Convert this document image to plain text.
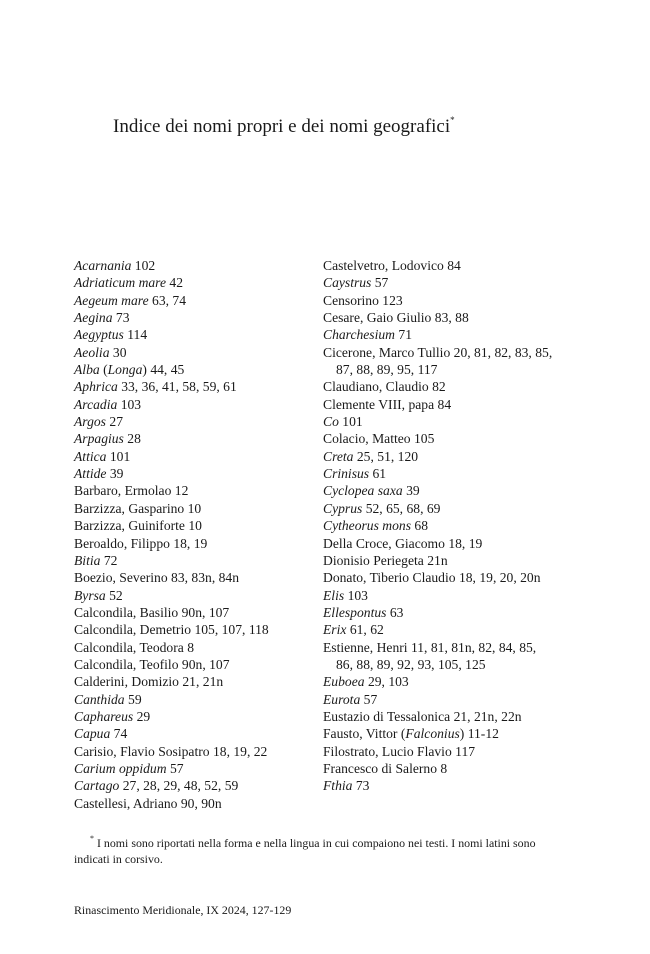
Indice dei nomi propri e dei nomi geografici*
Acarnania 102
Adriaticum mare 42
Aegeum mare 63, 74
Aegina 73
Aegyptus 114
Aeolia 30
Alba (Longa) 44, 45
Aphrica 33, 36, 41, 58, 59, 61
Arcadia 103
Argos 27
Arpagius 28
Attica 101
Attide 39
Barbaro, Ermolao 12
Barzizza, Gasparino 10
Barzizza, Guiniforte 10
Beroaldo, Filippo 18, 19
Bitia 72
Boezio, Severino 83, 83n, 84n
Byrsa 52
Calcondila, Basilio 90n, 107
Calcondila, Demetrio 105, 107, 118
Calcondila, Teodora 8
Calcondila, Teofilo 90n, 107
Calderini, Domizio 21, 21n
Canthida 59
Caphareus 29
Capua 74
Carisio, Flavio Sosipatro 18, 19, 22
Carium oppidum 57
Cartago 27, 28, 29, 48, 52, 59
Castellesi, Adriano 90, 90n
Castelvetro, Lodovico 84
Caystrus 57
Censorino 123
Cesare, Gaio Giulio 83, 88
Charchesium 71
Cicerone, Marco Tullio 20, 81, 82, 83, 85, 87, 88, 89, 95, 117
Claudiano, Claudio 82
Clemente VIII, papa 84
Co 101
Colacio, Matteo 105
Creta 25, 51, 120
Crinisus 61
Cyclopea saxa 39
Cyprus 52, 65, 68, 69
Cytheorus mons 68
Della Croce, Giacomo 18, 19
Dionisio Periegeta 21n
Donato, Tiberio Claudio 18, 19, 20, 20n
Elis 103
Ellespontus 63
Erix 61, 62
Estienne, Henri 11, 81, 81n, 82, 84, 85, 86, 88, 89, 92, 93, 105, 125
Euboea 29, 103
Eurota 57
Eustazio di Tessalonica 21, 21n, 22n
Fausto, Vittor (Falconius) 11-12
Filostrato, Lucio Flavio 117
Francesco di Salerno 8
Fthia 73
* I nomi sono riportati nella forma e nella lingua in cui compaiono nei testi. I nomi latini sono indicati in corsivo.
Rinascimento Meridionale, IX 2024, 127-129
